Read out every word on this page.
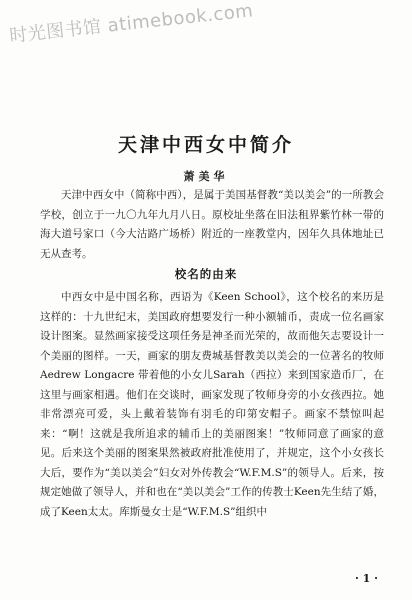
时光图书馆 atimebook.com
天津中西女中简介
萧美华
天津中西女中（简称中西），是属于美国基督教“美以美会”的一所教会学校，创立于一九〇九年九月八日。原校址坐落在旧法租界紫竹林一带的海大道号家口（今大沽路广场桥）附近的一座教堂内，因年久具体地址已无从查考。
校名的由来
中西女中是中国名称，西语为《Keen School》，这个校名的来历是这样的：十九世纪末，美国政府想要发行一种小额辅币，责成一位名画家设计图案。显然画家接受这项任务是神圣而光荣的，故而他矢志要设计一个美丽的图样。一天，画家的朋友费城基督教美以美会的一位著名的牧师 Aedrew Longacre 带着他的小女儿Sarah（西拉）来到国家造币厂，在这里与画家相遇。他们在交谈时，画家发现了牧师身旁的小女孩西拉。她非常漂亮可爱，头上戴着装饰有羽毛的印第安帽子。画家不禁惊叫起来：“啊！这就是我所追求的辅币上的美丽图案！”牧师同意了画家的意见。后来这个美丽的图案果然被政府批准使用了，并规定，这个小女孩长大后，要作为“美以美会”妇女对外传教会“W.F.M.S”的领导人。后来，按规定她做了领导人，并和也在“美以美会”工作的传教士Keen先生结了婚，成了Keen太太。库斯曼女士是“W.F.M.S”组织中
· 1 ·
